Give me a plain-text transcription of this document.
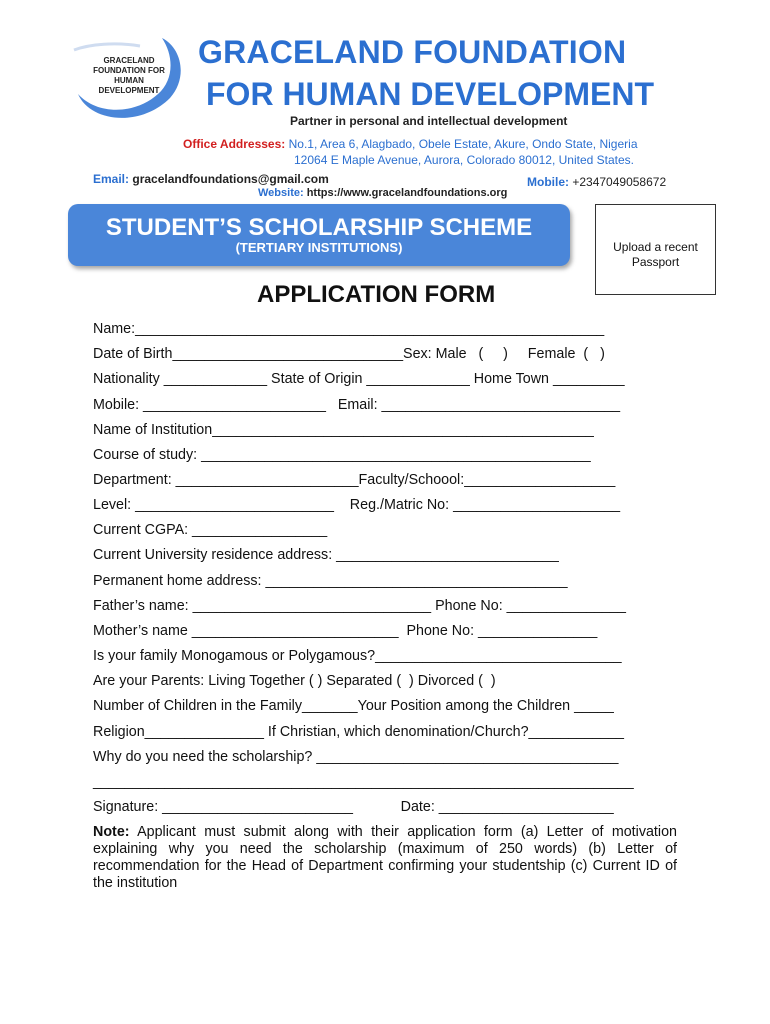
GRACELAND
FOUNDATION FOR
HUMAN
DEVELOPMENT
GRACELAND FOUNDATION
FOR HUMAN DEVELOPMENT
Partner in personal and intellectual development
Office Addresses: No.1, Area 6, Alagbado, Obele Estate, Akure, Ondo State, Nigeria
12064 E Maple Avenue, Aurora, Colorado 80012, United States.
Email: gracelandfoundations@gmail.com	Mobile: +2347049058672
Website: https://www.gracelandfoundations.org
STUDENT’S SCHOLARSHIP SCHEME
(TERTIARY INSTITUTIONS)	Upload a recent
Passport
APPLICATION FORM
Name:___________________________________________________________
Date of Birth_____________________________Sex: Male   (     )     Female  (   )
Nationality _____________ State of Origin _____________ Home Town _________
Mobile: _______________________   Email: ______________________________
Name of Institution________________________________________________
Course of study: _________________________________________________
Department: _______________________Faculty/Schoool:___________________
Level: _________________________    Reg./Matric No: _____________________
Current CGPA: _________________
Current University residence address: ____________________________
Permanent home address: ______________________________________
Father’s name: ______________________________ Phone No: _______________
Mother’s name __________________________  Phone No: _______________
Is your family Monogamous or Polygamous?_______________________________
Are your Parents: Living Together ( ) Separated (  ) Divorced (  )
Number of Children in the Family_______Your Position among the Children _____
Religion_______________ If Christian, which denomination/Church?____________
Why do you need the scholarship? ______________________________________
____________________________________________________________________
Signature: ________________________            Date: ______________________
Note: Applicant must submit along with their application form (a) Letter of motivation explaining why you need the scholarship (maximum of 250 words) (b) Letter of recommendation for the Head of Department confirming your studentship (c) Current ID of the institution
